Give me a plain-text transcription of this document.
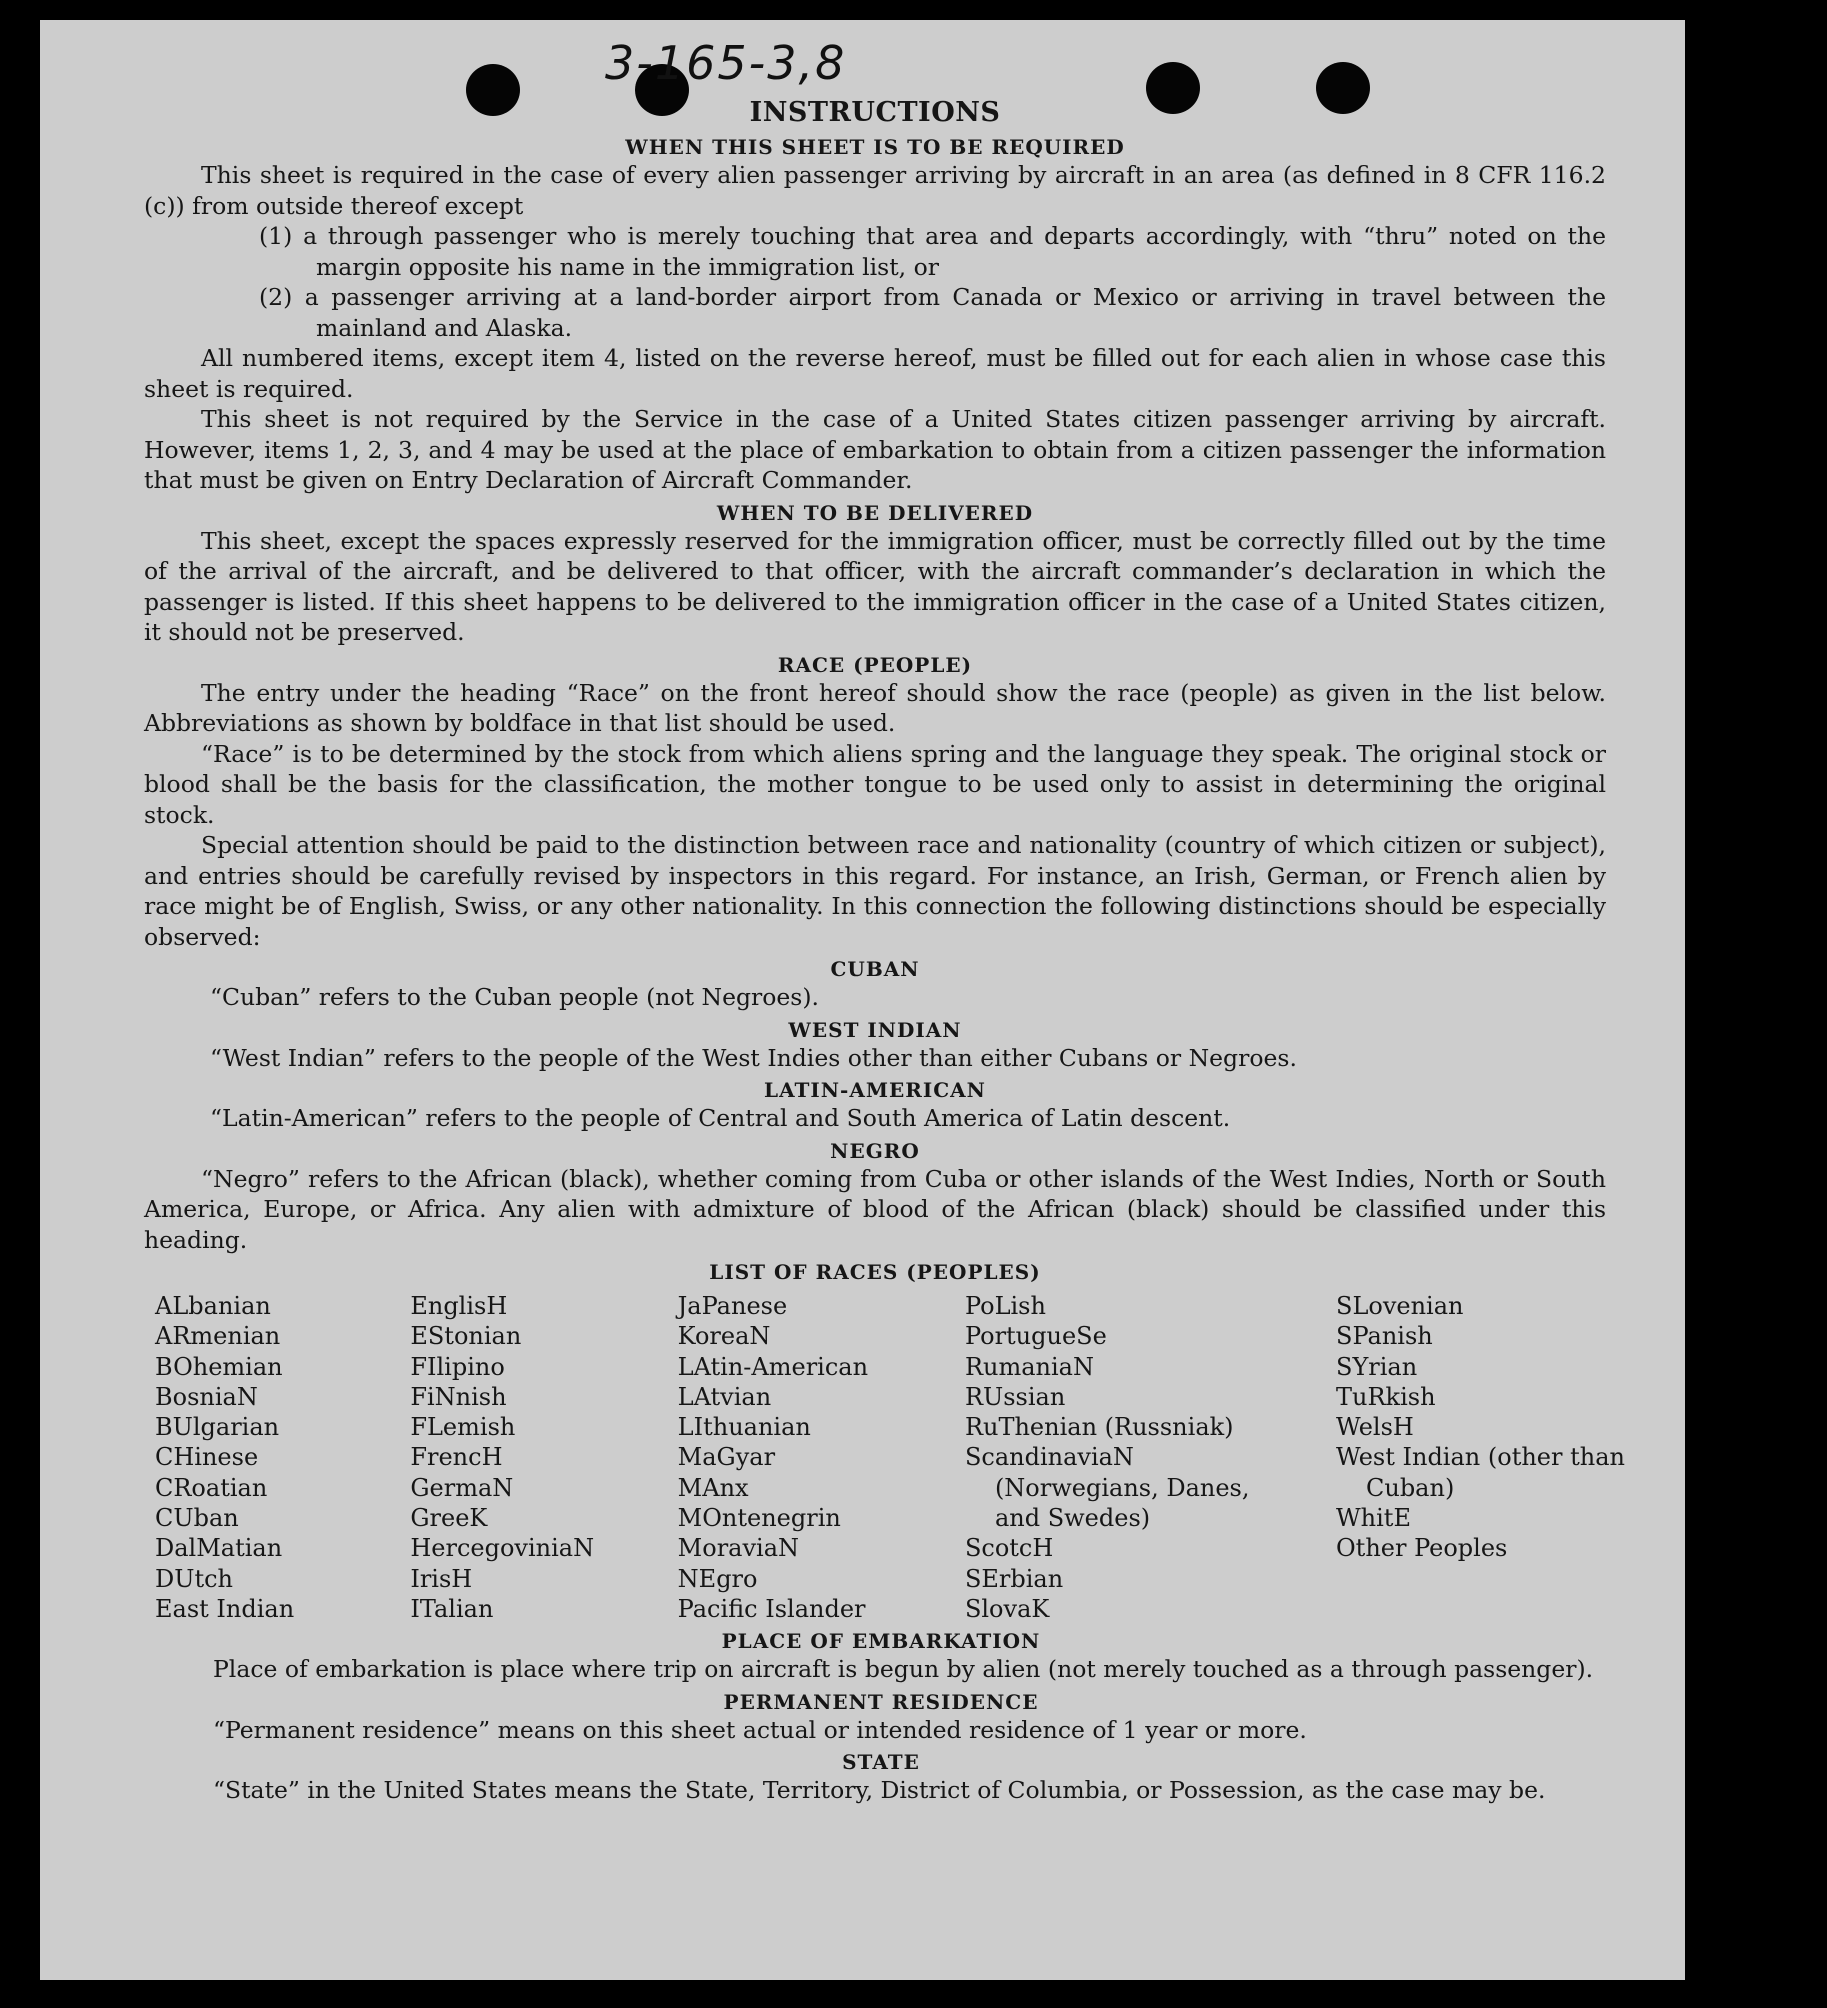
3-165-3,8
INSTRUCTIONS
WHEN THIS SHEET IS TO BE REQUIRED

This sheet is required in the case of every alien passenger arriving by aircraft in an area (as defined in 8 CFR 116.2 (c)) from outside thereof except

(1) a through passenger who is merely touching that area and departs accordingly, with “thru” noted on the margin opposite his name in the immigration list, or

(2) a passenger arriving at a land-border airport from Canada or Mexico or arriving in travel between the mainland and Alaska.

All numbered items, except item 4, listed on the reverse hereof, must be filled out for each alien in whose case this sheet is required.

This sheet is not required by the Service in the case of a United States citizen passenger arriving by aircraft. However, items 1, 2, 3, and 4 may be used at the place of embarkation to obtain from a citizen passenger the information that must be given on Entry Declaration of Aircraft Commander.

WHEN TO BE DELIVERED

This sheet, except the spaces expressly reserved for the immigration officer, must be correctly filled out by the time of the arrival of the aircraft, and be delivered to that officer, with the aircraft commander’s declaration in which the passenger is listed. If this sheet happens to be delivered to the immigration officer in the case of a United States citizen, it should not be preserved.

RACE (PEOPLE)

The entry under the heading “Race” on the front hereof should show the race (people) as given in the list below. Abbreviations as shown by boldface in that list should be used.

“Race” is to be determined by the stock from which aliens spring and the language they speak. The original stock or blood shall be the basis for the classification, the mother tongue to be used only to assist in determining the original stock.

Special attention should be paid to the distinction between race and nationality (country of which citizen or subject), and entries should be carefully revised by inspectors in this regard. For instance, an Irish, German, or French alien by race might be of English, Swiss, or any other nationality. In this connection the following distinctions should be especially observed:

CUBAN

“Cuban” refers to the Cuban people (not Negroes).

WEST INDIAN

“West Indian” refers to the people of the West Indies other than either Cubans or Negroes.

LATIN-AMERICAN

“Latin-American” refers to the people of Central and South America of Latin descent.

NEGRO

“Negro” refers to the African (black), whether coming from Cuba or other islands of the West Indies, North or South America, Europe, or Africa. Any alien with admixture of blood of the African (black) should be classified under this heading.

LIST OF RACES (PEOPLES)
ALbanian
ARmenian
BOhemian
BosniaN
BUlgarian
CHinese
CRoatian
CUban
DalMatian
DUtch
East Indian
EnglisH
EStonian
FIlipino
FiNnish
FLemish
FrencH
GermaN
GreeK
HercegoviniaN
IrisH
ITalian
JaPanese
KoreaN
LAtin-American
LAtvian
LIthuanian
MaGyar
MAnx
MOntenegrin
MoraviaN
NEgro
Pacific Islander
PoLish
PortugueSe
RumaniaN
RUssian
RuThenian (Russniak)
ScandinaviaN (Norwegians, Danes, and Swedes)
ScotcH
SErbian
SlovaK
SLovenian
SPanish
SYrian
TuRkish
WelsH
West Indian (other than Cuban)
WhitE
Other Peoples
PLACE OF EMBARKATION

Place of embarkation is place where trip on aircraft is begun by alien (not merely touched as a through passenger).

PERMANENT RESIDENCE

“Permanent residence” means on this sheet actual or intended residence of 1 year or more.

STATE

“State” in the United States means the State, Territory, District of Columbia, or Possession, as the case may be.
